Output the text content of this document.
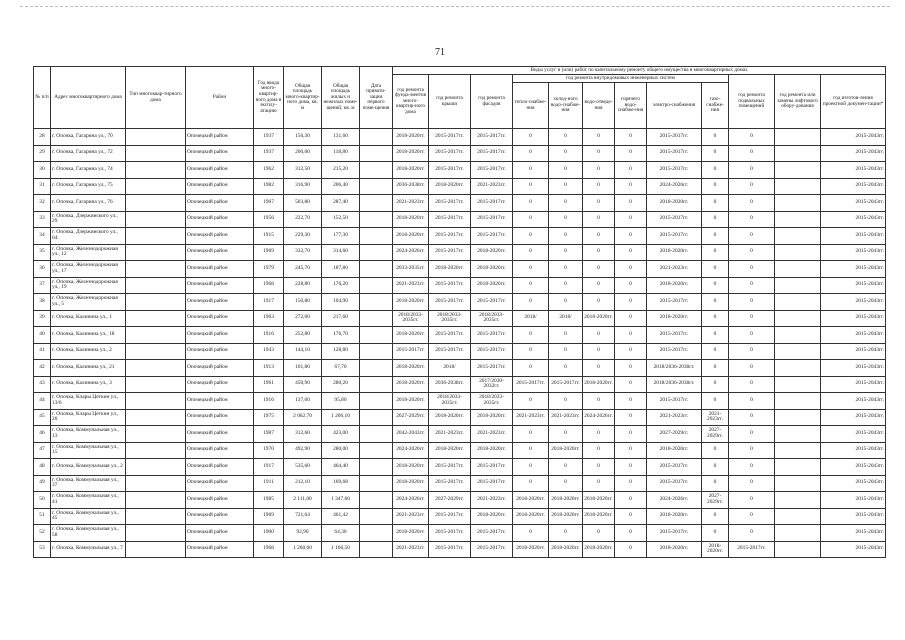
71
№ п/п	Адрес многоквартирного дома	Тип многоквар-тирного дома	Район	Год ввода много-квартир-ного дома в эксплу-атацию	Общая площадь много-квартир-ного дома, кв. м	Общая площадь жилых и нежилых поме-щений, кв. м	Дата привати-зации первого поме-щения	Виды услуг и (или) работ по капитальному ремонту общего имущества в многоквартирных домах											
								год ремонта фунда-ментов много-квартир-ного дома	год ремонта крыши	год ремонта фасадов	год ремонта внутридомовых инженерных систем						год ремонта подвальных помещений	год ремонта или замены лифтового обору-дования	год изготов-ления проектной докумен-тации*
											тепло-снабже-ния	холод-ного водо-снабже-ния	водо-отведе-ния	горячего водо-снабже-ния	электро-снабжения	газо-снабже-ния			
28	г. Опочка, Гагарина ул., 70		Опочецкий район	1937	156,30	131,60		2018-2020гг.	2015-2017гг.	2015-2017гг.	0	0	0	0	2015-2017гг.	0	0		2015-2043гг.
29	г. Опочка, Гагарина ул., 72		Опочецкий район	1937	200,00	118,80		2018-2020гг.	2015-2017гг.	2015-2017гг.	0	0	0	0	2015-2017гг.	0	0		2015-2043гг.
30	г. Опочка, Гагарина ул., 74		Опочецкий район	1962	312,50	215,20		2018-2020гг.	2015-2017гг.	2015-2017гг.	0	0	0	0	2015-2017гг.	0	0		2015-2043гг.
31	г. Опочка, Гагарина ул., 75		Опочецкий район	1982	316,90	206,40		2036-2038гг.	2018-2020гг.	2021-2023гг.	0	0	0	0	2024-2026гг.	0	0		2015-2043гг.
32	г. Опочка, Гагарина ул., 76		Опочецкий район	1967	503,80	287,40		2021-2023гг.	2015-2017гг.	2015-2017гг.	0	0	0	0	2018-2020гг.	0	0		2015-2043гг.
33	г. Опочка, Дзержинского ул., 29		Опочецкий район	1956	222,70	152,50		2018-2020гг.	2015-2017гг.	2015-2017гг.	0	0	0	0	2015-2017гг.	0	0		2015-2043гг.
34	г. Опочка, Дзержинского ул., 64		Опочецкий район	1915	229,30	177,30		2018-2020гг.	2015-2017гг.	2015-2017гг.	0	0	0	0	2015-2017гг.	0	0		2015-2043гг.
35	г. Опочка, Железнодорожная ул., 12		Опочецкий район	1969	332,70	314,60		2024-2026гг.	2015-2017гг.	2018-2020гг.	0	0	0	0	2018-2020гг.	0	0		2015-2043гг.
36	г. Опочка, Железнодорожная ул., 17		Опочецкий район	1979	245,70	187,80		2033-2035гг.	2018-2020гг.	2018-2020гг.	0	0	0	0	2021-2023гг.	0	0		2015-2043гг.
37	г. Опочка, Железнодорожная ул., 19		Опочецкий район	1968	228,80	176,20		2021-2023гг.	2015-2017гг.	2018-2020гг.	0	0	0	0	2018-2020гг.	0	0		2015-2043гг.
38	г. Опочка, Железнодорожная ул., 5		Опочецкий район	1917	150,80	104,90		2018-2020гг.	2015-2017гг.	2015-2017гг.	0	0	0	0	2015-2017гг.	0	0		2015-2043гг.
39	г. Опочка, Калинина ул., 1		Опочецкий район	1963	272,00	217,60		2018/2033-2035гг.	2018/2033-2035гг.	2018/2033-2035гг.	2018/	2018/	2018-2020гг.	0	2018-2020гг.	0	0		2015-2043гг.
40	г. Опочка, Калинина ул., 18		Опочецкий район	1916	252,80	176,70		2018-2020гг.	2015-2017гг.	2015-2017гг.	0	0	0	0	2015-2017гг.	0	0		2015-2043гг.
41	г. Опочка, Калинина ул., 2		Опочецкий район	1943	144,10	128,80		2015-2017гг.	2015-2017гг.	2015-2017гг.	0	0	0	0	2015-2017гг.	0	0		2015-2043гг.
42	г. Опочка, Калинина ул., 21		Опочецкий район	1913	101,80	67,70		2018-2020гг.	2018/	2015-2017гг.	0	0	0	0	2018/2036-2038гг.	0	0		2015-2043гг.
43	г. Опочка, Калинина ул., 3		Опочецкий район	1961	450,90	280,20		2018-2020гг.	2036-2038гг.	2017/2030-2032гг.	2015-2017гг.	2015-2017гг.	2018-2020гг.	0	2018/2036-2038гг.	0	0		2015-2043гг.
44	г. Опочка, Клары Цеткин ул., 13/6		Опочецкий район	1916	137,60	95,80		2018-2020гг.	2018/2033-2035гг.	2018/2033-2035гг.	0	0	0	0	2015-2017гг.	0	0		2015-2043гг.
45	г. Опочка, Клары Цеткин ул., 20		Опочецкий район	1975	2 062,70	1 206,10		2027-2029гг.	2018-2020гг.	2018-2020гг.	2021-2023гг.	2021-2023гг.	2024-2026гг.	0	2021-2023гг.	2021-2023гг.	0		2015-2043гг.
46	г. Опочка, Коммунальная ул., 13		Опочецкий район	1987	312,60	423,00		2042-2043гг.	2021-2023гг.	2021-2023гг.	0	0	0	0	2027-2029гг.	2027-2029гг.	0		2015-2043гг.
47	г. Опочка, Коммунальная ул., 15		Опочецкий район	1970	492,90	280,00		2024-2026гг.	2018-2020гг.	2018-2020гг.	0	2018-2020гг.	0	0	2018-2020гг.	0	0		2015-2043гг.
48	г. Опочка, Коммунальная ул., 2		Опочецкий район	1917	535,60	464,40		2018-2020гг.	2015-2017гг.	2015-2017гг.	0	0	0	0	2015-2017гг.	0	0		2015-2043гг.
49	г. Опочка, Коммунальная ул., 37		Опочецкий район	1911	212,10	169,68		2018-2020гг.	2015-2017гг.	2015-2017гг.	0	0	0	0	2015-2017гг.	0	0		2015-2043гг.
50	г. Опочка, Коммунальная ул., 41		Опочецкий район	1985	2 111,00	1 347,60		2024-2026гг.	2027-2029гг.	2021-2023гг.	2018-2020гг.	2018-2020гг.	2018-2020гг.	0	2024-2026гг.	2027-2029гг.	0		2015-2043гг.
51	г. Опочка, Коммунальная ул., 45		Опочецкий район	1969	721,64	461,42		2021-2023гг.	2015-2017гг.	2018-2020гг.	2018-2020гг.	2018-2020гг.	2018-2020гг.	0	2018-2020гг.	0	0		2015-2043гг.
52	г. Опочка, Коммунальная ул., 58		Опочецкий район	1900	92,90	64,30		2018-2020гг.	2015-2017гг.	2015-2017гг.	0	0	0	0	2015-2017гг.	0	0		2015-2043гг.
53	г. Опочка, Коммунальная ул., 7		Опочецкий район	1968	1 260,60	1 166,50		2021-2023гг.	2015-2017гг.	2015-2017гг.	2018-2020гг.	2018-2020гг.	2018-2020гг.	0	2018-2020гг.	2018-2020гг.	2015-2017гг.		2015-2043гг.
